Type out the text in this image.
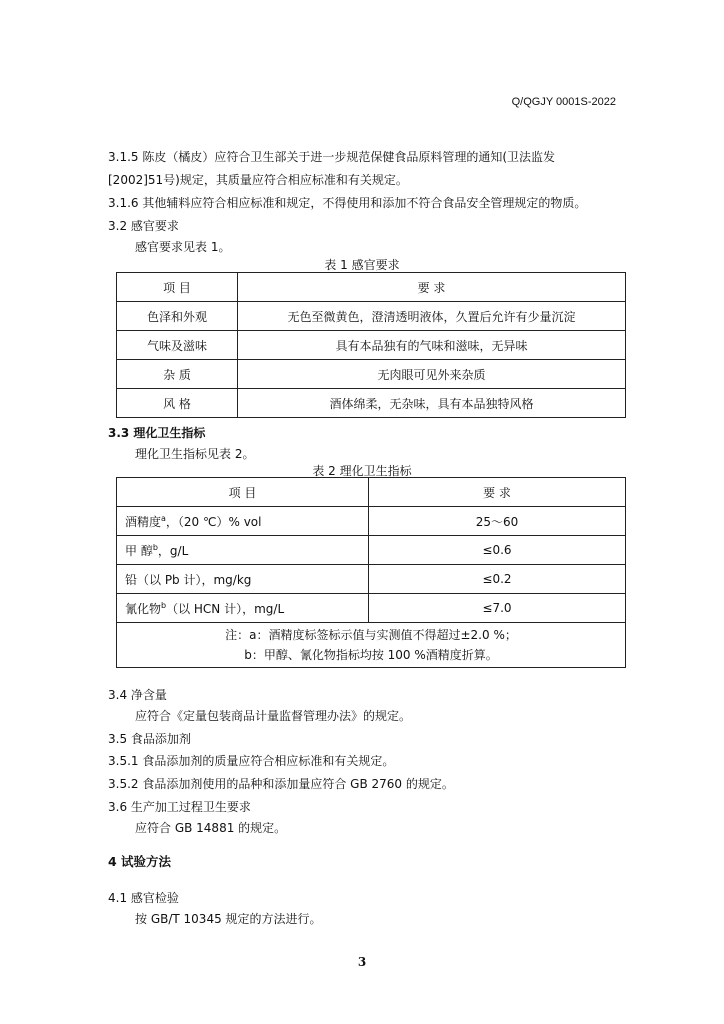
Q/QGJY 0001S-2022
3.1.5 陈皮（橘皮）应符合卫生部关于进一步规范保健食品原料管理的通知(卫法监发
[2002]51号)规定，其质量应符合相应标准和有关规定。
3.1.6 其他辅料应符合相应标准和规定，不得使用和添加不符合食品安全管理规定的物质。
3.2 感官要求
感官要求见表 1。
表 1 感官要求
项 目	要 求
色泽和外观	无色至微黄色，澄清透明液体，久置后允许有少量沉淀
气味及滋味	具有本品独有的气味和滋味，无异味
杂 质	无肉眼可见外来杂质
风 格	酒体绵柔，无杂味，具有本品独特风格
3.3 理化卫生指标
理化卫生指标见表 2。
表 2 理化卫生指标
项 目	要 求
酒精度$^a$，（20 ℃）% vol	25～60
甲 醇$^b$，g/L	≤0.6
铅（以 Pb 计），mg/kg	≤0.2
氰化物$^b$（以 HCN 计），mg/L	≤7.0

注：a：酒精度标签标示值与实测值不得超过±2.0 %；
b：甲醇、氰化物指标均按 100 %酒精度折算。	
3.4 净含量
应符合《定量包装商品计量监督管理办法》的规定。
3.5 食品添加剂
3.5.1 食品添加剂的质量应符合相应标准和有关规定。
3.5.2 食品添加剂使用的品种和添加量应符合 GB 2760 的规定。
3.6 生产加工过程卫生要求
应符合 GB 14881 的规定。
4 试验方法
4.1 感官检验
按 GB/T 10345 规定的方法进行。
3
